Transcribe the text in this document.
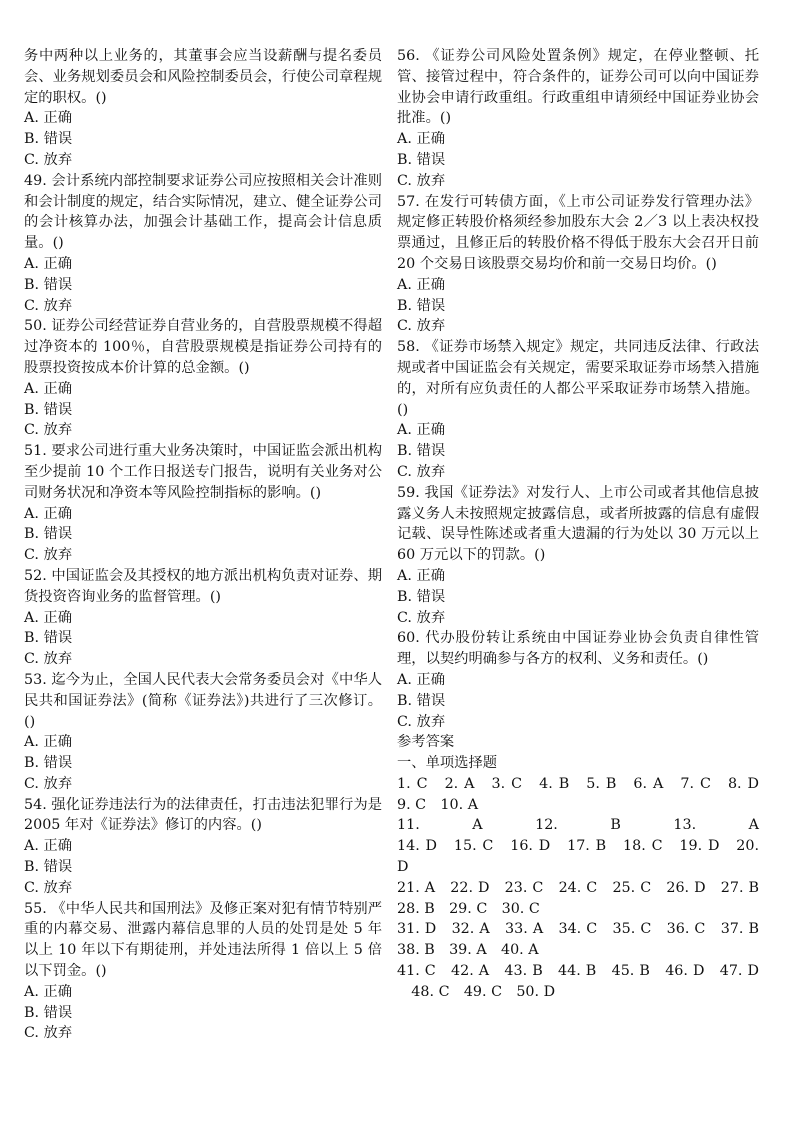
务中两种以上业务的，其董事会应当设薪酬与提名委员会、业务规划委员会和风险控制委员会，行使公司章程规定的职权。()

A. 正确

B. 错误

C. 放弃

49. 会计系统内部控制要求证券公司应按照相关会计准则和会计制度的规定，结合实际情况，建立、健全证券公司的会计核算办法，加强会计基础工作，提高会计信息质量。()

A. 正确

B. 错误

C. 放弃

50. 证券公司经营证券自营业务的，自营股票规模不得超过净资本的 100％，自营股票规模是指证券公司持有的股票投资按成本价计算的总金额。()

A. 正确

B. 错误

C. 放弃

51. 要求公司进行重大业务决策时，中国证监会派出机构至少提前 10 个工作日报送专门报告，说明有关业务对公司财务状况和净资本等风险控制指标的影响。()

A. 正确

B. 错误

C. 放弃

52. 中国证监会及其授权的地方派出机构负责对证券、期货投资咨询业务的监督管理。()

A. 正确

B. 错误

C. 放弃

53. 迄今为止，全国人民代表大会常务委员会对《中华人民共和国证券法》(简称《证券法》)共进行了三次修订。()

A. 正确

B. 错误

C. 放弃

54. 强化证券违法行为的法律责任，打击违法犯罪行为是 2005 年对《证券法》修订的内容。()

A. 正确

B. 错误

C. 放弃

55. 《中华人民共和国刑法》及修正案对犯有情节特别严重的内幕交易、泄露内幕信息罪的人员的处罚是处 5 年以上 10 年以下有期徒刑，并处违法所得 1 倍以上 5 倍以下罚金。()

A. 正确

B. 错误

C. 放弃

56. 《证券公司风险处置条例》规定，在停业整顿、托管、接管过程中，符合条件的，证券公司可以向中国证券业协会申请行政重组。行政重组申请须经中国证券业协会批准。()

A. 正确

B. 错误

C. 放弃

57. 在发行可转债方面，《上市公司证券发行管理办法》规定修正转股价格须经参加股东大会 2／3 以上表决权投票通过，且修正后的转股价格不得低于股东大会召开日前 20 个交易日该股票交易均价和前一交易日均价。()

A. 正确

B. 错误

C. 放弃

58. 《证券市场禁入规定》规定，共同违反法律、行政法规或者中国证监会有关规定，需要采取证券市场禁入措施的，对所有应负责任的人都公平采取证券市场禁入措施。()

A. 正确

B. 错误

C. 放弃

59. 我国《证券法》对发行人、上市公司或者其他信息披露义务人未按照规定披露信息，或者所披露的信息有虚假记载、误导性陈述或者重大遗漏的行为处以 30 万元以上 60 万元以下的罚款。()

A. 正确

B. 错误

C. 放弃

60. 代办股份转让系统由中国证券业协会负责自律性管理，以契约明确参与各方的权利、义务和责任。()

A. 正确

B. 错误

C. 放弃

参考答案

一、单项选择题

1. C　2. A　3. C　4. B　5. B　6. A　7. C　8. D

9. C　10. A

11.　A　12.　B　13.　A

14. D　15. C　16. D　17. B　18. C　19. D　20.

D

21. A　22. D　23. C　24. C　25. C　26. D　27. B

28. B　29. C　30. C

31. D　32. A　33. A　34. C　35. C　36. C　37. B

38. B　39. A　40. A

41. C　42. A　43. B　44. B　45. B　46. D　47. D

　48. C　49. C　50. D
